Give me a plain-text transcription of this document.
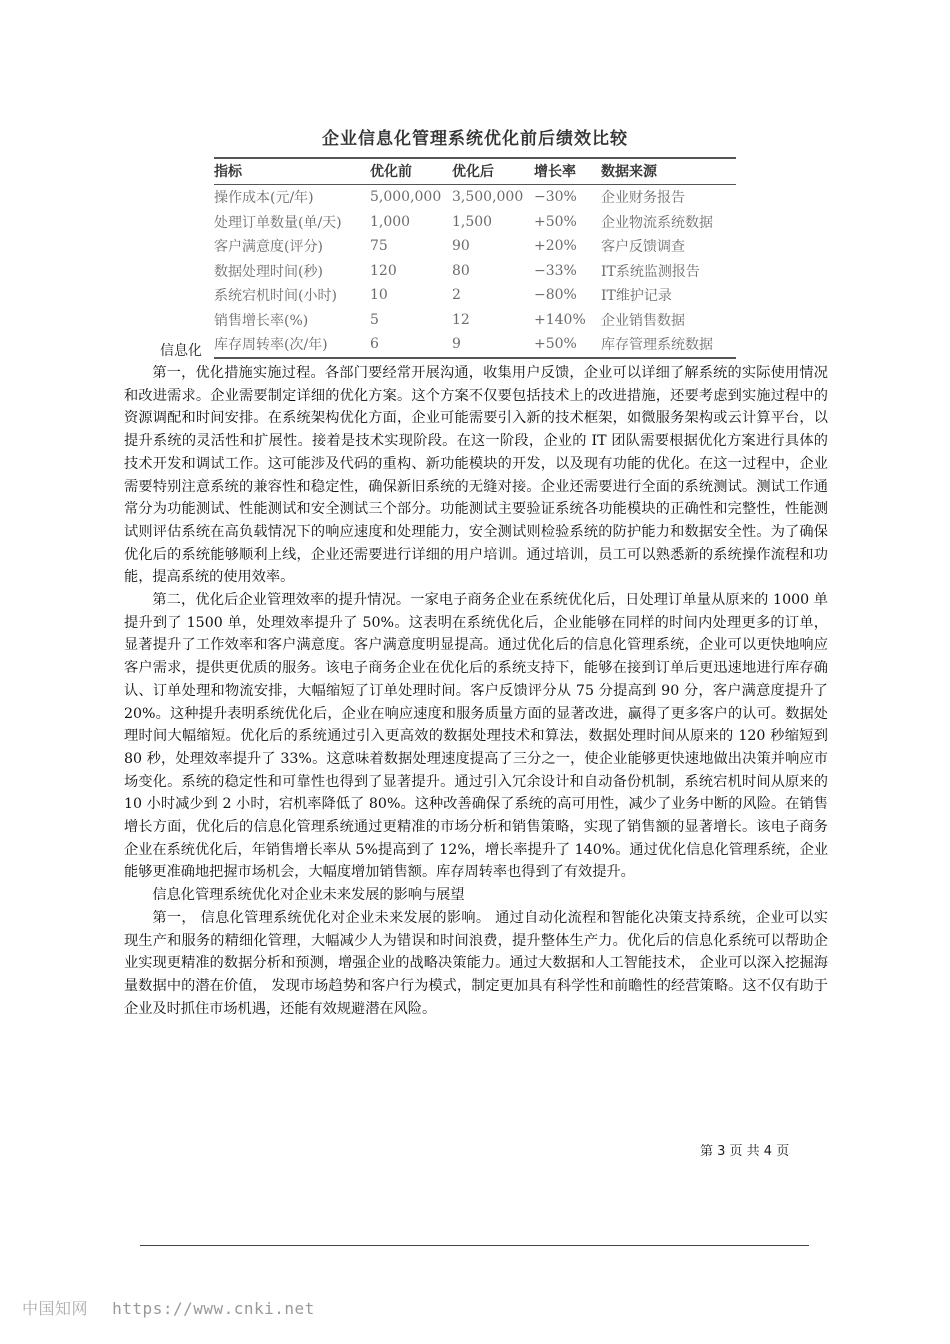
企业信息化管理系统优化前后绩效比较
指标	优化前	优化后	增长率	数据来源
操作成本(元/年)	5,000,000	3,500,000	−30%	企业财务报告
处理订单数量(单/天)	1,000	1,500	+50%	企业物流系统数据
客户满意度(评分)	75	90	+20%	客户反馈调查
数据处理时间(秒)	120	80	−33%	IT系统监测报告
系统宕机时间(小时)	10	2	−80%	IT维护记录
销售增长率(%)	5	12	+140%	企业销售数据
库存周转率(次/年)	6	9	+50%	库存管理系统数据
信息化

第一，优化措施实施过程。各部门要经常开展沟通，收集用户反馈，企业可以详细了解系统的实际使用情况和改进需求。企业需要制定详细的优化方案。这个方案不仅要包括技术上的改进措施，还要考虑到实施过程中的资源调配和时间安排。在系统架构优化方面，企业可能需要引入新的技术框架，如微服务架构或云计算平台，以提升系统的灵活性和扩展性。接着是技术实现阶段。在这一阶段，企业的 IT 团队需要根据优化方案进行具体的技术开发和调试工作。这可能涉及代码的重构、新功能模块的开发，以及现有功能的优化。在这一过程中，企业需要特别注意系统的兼容性和稳定性，确保新旧系统的无缝对接。企业还需要进行全面的系统测试。测试工作通常分为功能测试、性能测试和安全测试三个部分。功能测试主要验证系统各功能模块的正确性和完整性，性能测试则评估系统在高负载情况下的响应速度和处理能力，安全测试则检验系统的防护能力和数据安全性。为了确保优化后的系统能够顺利上线，企业还需要进行详细的用户培训。通过培训，员工可以熟悉新的系统操作流程和功能，提高系统的使用效率。

第二，优化后企业管理效率的提升情况。一家电子商务企业在系统优化后，日处理订单量从原来的 1000 单提升到了 1500 单，处理效率提升了 50%。这表明在系统优化后，企业能够在同样的时间内处理更多的订单，显著提升了工作效率和客户满意度。客户满意度明显提高。通过优化后的信息化管理系统，企业可以更快地响应客户需求，提供更优质的服务。该电子商务企业在优化后的系统支持下，能够在接到订单后更迅速地进行库存确认、订单处理和物流安排，大幅缩短了订单处理时间。客户反馈评分从 75 分提高到 90 分，客户满意度提升了 20%。这种提升表明系统优化后，企业在响应速度和服务质量方面的显著改进，赢得了更多客户的认可。数据处理时间大幅缩短。优化后的系统通过引入更高效的数据处理技术和算法，数据处理时间从原来的 120 秒缩短到 80 秒，处理效率提升了 33%。这意味着数据处理速度提高了三分之一，使企业能够更快速地做出决策并响应市场变化。系统的稳定性和可靠性也得到了显著提升。通过引入冗余设计和自动备份机制，系统宕机时间从原来的 10 小时减少到 2 小时，宕机率降低了 80%。这种改善确保了系统的高可用性，减少了业务中断的风险。在销售增长方面，优化后的信息化管理系统通过更精准的市场分析和销售策略，实现了销售额的显著增长。该电子商务企业在系统优化后，年销售增长率从 5%提高到了 12%，增长率提升了 140%。通过优化信息化管理系统，企业能够更准确地把握市场机会，大幅度增加销售额。库存周转率也得到了有效提升。

信息化管理系统优化对企业未来发展的影响与展望

第一， 信息化管理系统优化对企业未来发展的影响。 通过自动化流程和智能化决策支持系统，企业可以实现生产和服务的精细化管理，大幅减少人为错误和时间浪费，提升整体生产力。优化后的信息化系统可以帮助企业实现更精准的数据分析和预测，增强企业的战略决策能力。通过大数据和人工智能技术， 企业可以深入挖掘海量数据中的潜在价值， 发现市场趋势和客户行为模式，制定更加具有科学性和前瞻性的经营策略。这不仅有助于企业及时抓住市场机遇，还能有效规避潜在风险。

第 3 页 共 4 页
中国知网 https://www.cnki.net
